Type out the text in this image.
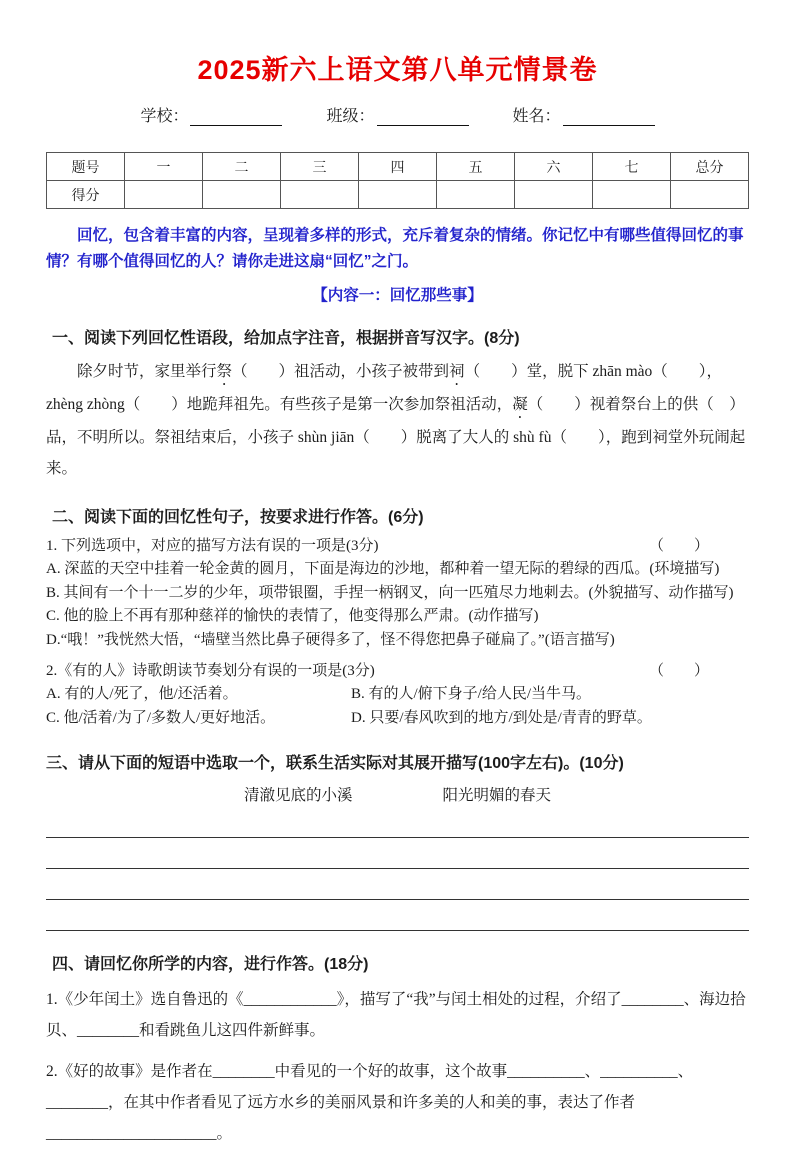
2025新六上语文第八单元情景卷
学校：	班级：	姓名：
题号	一	二	三	四	五	六	七	总分
得分								
回忆，包含着丰富的内容，呈现着多样的形式，充斥着复杂的情绪。你记忆中有哪些值得回忆的事情？有哪个值得回忆的人？请你走进这扇“回忆”之门。
【内容一：回忆那些事】
一、阅读下列回忆性语段，给加点字注音，根据拼音写汉字。(8分)
除夕时节，家里举行祭（　　）祖活动，小孩子被带到祠（　　）堂，脱下 zhān mào（　　），zhèng zhòng（　　）地跪拜祖先。有些孩子是第一次参加祭祖活动，凝（　　）视着祭台上的供（　）品，不明所以。祭祖结束后，小孩子 shùn jiān（　　）脱离了大人的 shù fù（　　），跑到祠堂外玩闹起来。
二、阅读下面的回忆性句子，按要求进行作答。(6分)
1. 下列选项中，对应的描写方法有误的一项是(3分)	（　　）
A. 深蓝的天空中挂着一轮金黄的圆月，下面是海边的沙地，都种着一望无际的碧绿的西瓜。(环境描写)
B. 其间有一个十一二岁的少年，项带银圈，手捏一柄钢叉，向一匹殖尽力地刺去。(外貌描写、动作描写)
C. 他的脸上不再有那种慈祥的愉快的表情了，他变得那么严肃。(动作描写)
D.“哦！”我恍然大悟，“墙壁当然比鼻子硬得多了，怪不得您把鼻子碰扁了。”(语言描写)
2.《有的人》诗歌朗读节奏划分有误的一项是(3分)	（　　）
A. 有的人/死了，他/还活着。	B. 有的人/俯下身子/给人民/当牛马。
C. 他/活着/为了/多数人/更好地活。	D. 只要/春风吹到的地方/到处是/青青的野草。
三、请从下面的短语中选取一个，联系生活实际对其展开描写(100字左右)。(10分)
清澈见底的小溪	阳光明媚的春天
四、请回忆你所学的内容，进行作答。(18分)
1.《少年闰土》选自鲁迅的《____________》，描写了“我”与闰土相处的过程，介绍了________、海边拾贝、________和看跳鱼儿这四件新鲜事。
2.《好的故事》是作者在________中看见的一个好的故事，这个故事__________、__________、________，在其中作者看见了远方水乡的美丽风景和许多美的人和美的事，表达了作者______________________。
